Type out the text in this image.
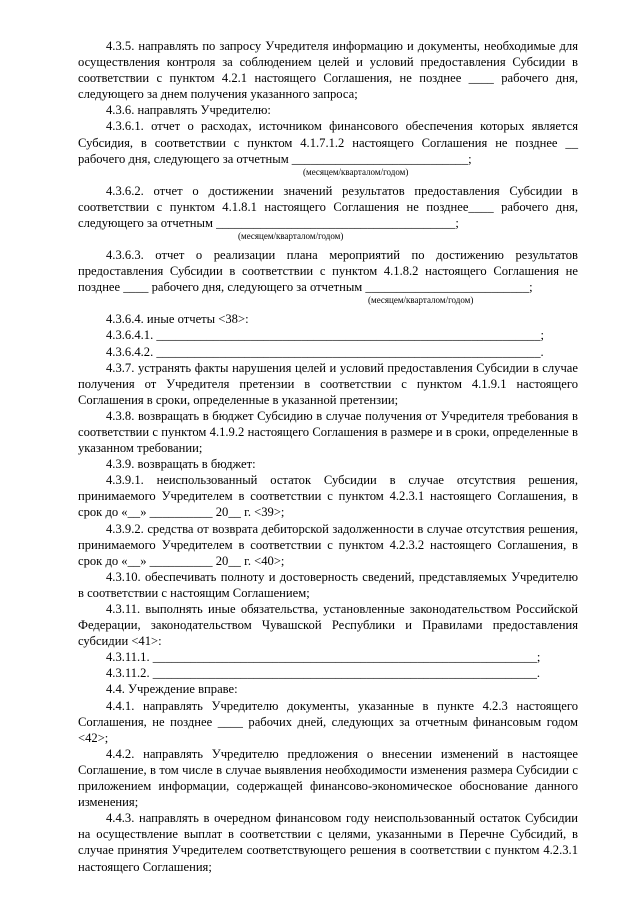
4.3.5. направлять по запросу Учредителя информацию и документы, необходимые для осуществления контроля за соблюдением целей и условий предоставления Субсидии в соответствии с пунктом 4.2.1 настоящего Соглашения, не позднее ____ рабочего дня, следующего за днем получения указанного запроса;

4.3.6. направлять Учредителю:

4.3.6.1. отчет о расходах, источником финансового обеспечения которых является Субсидия, в соответствии с пунктом 4.1.7.1.2 настоящего Соглашения не позднее __ рабочего дня, следующего за отчетным ____________________________;

(месяцем/кварталом/годом)

4.3.6.2. отчет о достижении значений результатов предоставления Субсидии в соответствии с пунктом 4.1.8.1 настоящего Соглашения не позднее____ рабочего дня, следующего за отчетным ______________________________________;

(месяцем/кварталом/годом)

4.3.6.3. отчет о реализации плана мероприятий по достижению результатов предоставления Субсидии в соответствии с пунктом 4.1.8.2 настоящего Соглашения не позднее ____ рабочего дня, следующего за отчетным __________________________;

(месяцем/кварталом/годом)

4.3.6.4. иные отчеты <38>:

4.3.6.4.1. _____________________________________________________________;

4.3.6.4.2. _____________________________________________________________.

4.3.7. устранять факты нарушения целей и условий предоставления Субсидии в случае получения от Учредителя претензии в соответствии с пунктом 4.1.9.1 настоящего Соглашения в сроки, определенные в указанной претензии;

4.3.8. возвращать в бюджет Субсидию в случае получения от Учредителя требования в соответствии с пунктом 4.1.9.2 настоящего Соглашения в размере и в сроки, определенные в указанном требовании;

4.3.9. возвращать в бюджет:

4.3.9.1. неиспользованный остаток Субсидии в случае отсутствия решения, принимаемого Учредителем в соответствии с пунктом 4.2.3.1 настоящего Соглашения, в срок до «__» __________ 20__ г. <39>;

4.3.9.2. средства от возврата дебиторской задолженности в случае отсутствия решения, принимаемого Учредителем в соответствии с пунктом 4.2.3.2 настоящего Соглашения, в срок до «__» __________ 20__ г. <40>;

4.3.10. обеспечивать полноту и достоверность сведений, представляемых Учредителю в соответствии с настоящим Соглашением;

4.3.11. выполнять иные обязательства, установленные законодательством Российской Федерации, законодательством Чувашской Республики и Правилами предоставления субсидии <41>:

4.3.11.1. _____________________________________________________________;

4.3.11.2. _____________________________________________________________.

4.4. Учреждение вправе:

4.4.1. направлять Учредителю документы, указанные в пункте 4.2.3 настоящего Соглашения, не позднее ____ рабочих дней, следующих за отчетным финансовым годом <42>;

4.4.2. направлять Учредителю предложения о внесении изменений в настоящее Соглашение, в том числе в случае выявления необходимости изменения размера Субсидии с приложением информации, содержащей финансово-экономическое обоснование данного изменения;

4.4.3. направлять в очередном финансовом году неиспользованный остаток Субсидии на осуществление выплат в соответствии с целями, указанными в Перечне Субсидий, в случае принятия Учредителем соответствующего решения в соответствии с пунктом 4.2.3.1 настоящего Соглашения;
